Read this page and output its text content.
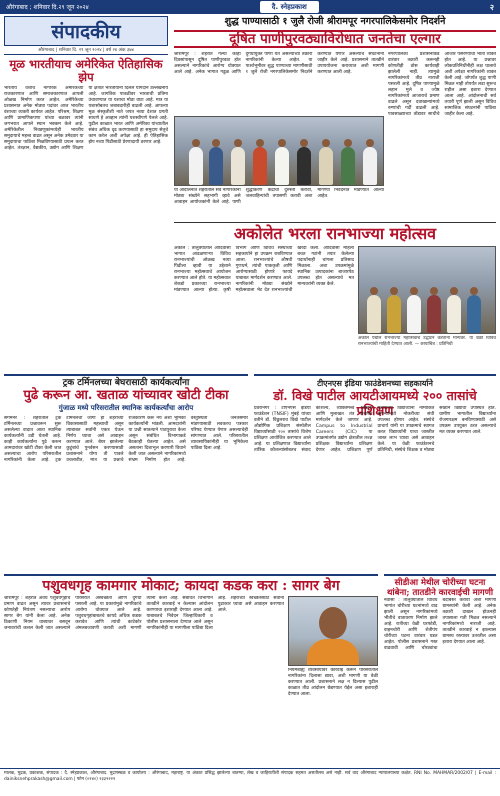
औरंगाबाद ; शनिवार दि.२९ जून २०२४	दै. स्नेहप्रकाश	२
संपादकीय
औरंगाबाद | शनिवार दि. २९ जून २०२४ | वर्ष २४ अंक ३७४
मूळ भारतीयाच अमेरिकेत ऐतिहासिक झेप
भारतीय वंशाचे नागरिक अमेरिकेच्या राजकारणात आणि समाजकारणात आपली ओळख निर्माण करत आहेत. अमेरिकेच्या प्रशासनात अनेक मोठ्या पदांवर आज भारतीय वंशाच्या व्यक्ती कार्यरत आहेत. परिश्रम, शिक्षण आणि प्रामाणिकपणा यांच्या बळावर त्यांनी जगभरात आपले स्थान भक्कम केले आहे. अमेरिकेतील निवडणुकांमध्येही भारतीय समुदायाचे महत्त्व वाढत असून अनेक उमेदवार या समुदायाचा पाठिंबा मिळविण्यासाठी प्रयत्न करत आहेत. तंत्रज्ञान, वैद्यकीय, उद्योग आणि शिक्षण या क्षेत्रांत भारतीयांनी दिलेले योगदान उल्लेखनीय आहे. जागतिक पातळीवर भारताची प्रतिमा उंचावण्यात या यशाचा मोठा वाटा आहे. मात्र या यशासोबतच जबाबदारीही वाढली आहे. आपल्या मूळ संस्कृतीशी नाते जपत नव्या देशात प्रगती साधणे हे आव्हान त्यांनी यशस्वीपणे पेलले आहे. पुढील काळात भारत आणि अमेरिका यांच्यातील संबंध अधिक दृढ करण्यासाठी हा समुदाय सेतूचे काम करेल अशी अपेक्षा आहे. ही ऐतिहासिक झेप नव्या पिढीसाठी प्रेरणादायी ठरणार आहे.
शुद्ध पाण्यासाठी १ जुलै रोजी श्रीरामपूर नगरपालिकेसमोर निदर्शने
दूषित पाणीपुरवठ्याविरोधात जनतेचा एल्गार
श्रीरामपूर : शहरात गेल्या काही दिवसांपासून दूषित पाणीपुरवठा होत असल्याने नागरिकांचे आरोग्य धोक्यात आले आहे. अनेक भागात गढूळ आणि दुर्गंधीयुक्त पाणी येत असल्याच्या तक्रारी नागरिकांनी केल्या आहेत. या पार्श्वभूमीवर शुद्ध पाण्याच्या मागणीसाठी १ जुलै रोजी नगरपालिकेसमोर निदर्शने करण्यात येणार असल्याचे संघटनांनी जाहीर केले आहे. प्रशासनाने तातडीने उपाययोजना कराव्यात अशी मागणी करण्यात आली आहे.
या आंदोलनात शहरातील सर्व नागरिकांनी मोठ्या संख्येने सहभागी व्हावे असे आवाहन आयोजकांनी केले आहे. पाणी शुद्धीकरण केंद्राची दुरुस्ती करावी, जलवाहिन्यांची तपासणी करावी अशा मागण्या निवेदनात मांडण्यात आल्या आहेत.
नगरपालिका प्रशासनाकडे वारंवार तक्रारी करूनही कोणतीही ठोस कार्यवाही झालेली नाही. त्यामुळे नागरिकांमध्ये तीव्र नाराजी पसरली आहे. दूषित पाण्यामुळे लहान मुले व ज्येष्ठ नागरिकांमध्ये आजाराचे प्रमाण वाढले असून दवाखान्यांमध्ये रुग्णांची गर्दी वाढली आहे. पावसाळ्याच्या तोंडावर साथीचे आजार पसरण्याची भीती व्यक्त होत आहे. या प्रश्नावर लोकप्रतिनिधींनीही लक्ष घालावे अशी अपेक्षा नागरिकांनी व्यक्त केली आहे. जोपर्यंत शुद्ध पाणी मिळत नाही तोपर्यंत लढा सुरूच राहील असा इशारा देण्यात आला आहे. आंदोलनाची सर्व तयारी पूर्ण झाली असून विविध सामाजिक संघटनांनी पाठिंबा जाहीर केला आहे.
अकोलेत भरला रानभाज्या महोत्सव
अकोले : तालुक्यातील आदिवासी भागात आढळणाऱ्या विविध रानभाज्यांची ओळख नव्या पिढीला व्हावी या उद्देशाने रानभाज्या महोत्सवाचे आयोजन करण्यात आले होते. या महोत्सवात शेकडो प्रकारच्या रानभाज्या मांडण्यात आल्या होत्या. कृषी विभाग आणि विविध संस्थांच्या सहकार्याने हा उपक्रम राबविण्यात आला. रानभाज्यांचे औषधी गुणधर्म, त्यांची पाककृती आणि आरोग्यासाठी होणारे फायदे याबाबत मार्गदर्शन करण्यात आले. नागरिकांनी मोठ्या संख्येने महोत्सवाला भेट देत रानभाज्यांची खरेदी केली. आदिवासी महिला बचत गटांनी तयार केलेल्या पदार्थांनाही चांगला प्रतिसाद मिळाला. अशा उपक्रमांमुळे स्थानिक उत्पादकांना बाजारपेठ उपलब्ध होत असल्याचे मत मान्यवरांनी व्यक्त केले.
अकोले येथील रानभाज्या महोत्सवाचे उद्घाटन करताना मान्यवर. या वेळी विविध रानभाज्यांची माहिती देण्यात आली. — छायाचित्र : प्रतिनिधी
ट्रक टर्मिनलच्या बेघरासाठी कार्यकर्त्यांना
पुढे करून आ. खताळ यांच्यावर खोटी टीका
गुंजाळ मध्ये परिसरातील स्थानिक कार्यकर्त्यांचा आरोप
संगमनेर : शहरातील ट्रक टर्मिनलच्या प्रश्नावरून सुरू असलेल्या वादात आता स्थानिक कार्यकर्त्यांनी उडी घेतली आहे. काही कार्यकर्त्यांना पुढे करून आमदारांवर खोटी टीका केली जात असल्याचा आरोप परिसरातील नागरिकांनी केला आहे. ट्रक टर्मिनलची जागा ही शहराच्या विकासासाठी महत्त्वाची असून त्याबाबत सर्वांनी एकत्र येऊन निर्णय घ्यावा असे आवाहन करण्यात आले. बेघर झालेल्या कुटुंबांचे पुनर्वसन करण्यासाठी प्रशासनाने योग्य ती पावले उचलावीत, मात्र या प्रश्नाचे राजकारण करू नये अशी भूमिका कार्यकर्त्यांनी मांडली. आमदारांनी या प्रश्नी सातत्याने पाठपुरावा केला असून संबंधित विभागाकडे बैठकाही घेतल्या आहेत. असे असताना दिशाभूल करणारी विधाने केली जात असल्याने नागरिकांमध्ये संभ्रम निर्माण होत आहे. वस्तुस्थिती जनतेसमोर मांडण्यासाठी लवकरच पत्रकार परिषद घेण्यात येणार असल्याचेही सांगण्यात आले. परिसरातील व्यावसायिकांनीही या भूमिकेला पाठिंबा दिला आहे.
टीएनएस इंडिया फाउंडेशनच्या सहकार्याने
डॉ. विखे पाटील आयटीआयमध्ये २०० तासांचे प्रशिक्षण
प्रवरानगर : टीएनएस इंडिया फाउंडेशन (TNSIF) मुंबई यांच्या वतीने डॉ. विठ्ठलराव विखे पाटील औद्योगिक प्रशिक्षण संस्थेतील विद्यार्थ्यांसाठी २०० तासांचे विशेष प्रशिक्षण आयोजित करण्यात आले आहे. या प्रशिक्षणात विद्यार्थ्यांना तांत्रिक कौशल्यांसोबतच संवाद कौशल्य, व्यक्तिमत्त्व विकास आणि मुलाखत तंत्र याबाबत मार्गदर्शन केले जाणार आहे. Campus to Industrial Careers (CIC) या उपक्रमांतर्गत उद्योग क्षेत्रातील तज्ज्ञ प्रशिक्षक विद्यार्थ्यांना प्रशिक्षण देणार आहेत. प्रशिक्षण पूर्ण करणाऱ्या विद्यार्थ्यांना नामांकित कंपन्यांमध्ये नोकरीच्या संधी उपलब्ध होणार आहेत. संस्थेचे प्राचार्य यांनी या उपक्रमाचे स्वागत करत विद्यार्थ्यांनी याचा जास्तीत जास्त लाभ घ्यावा असे आवाहन केले. या वेळी फाउंडेशनचे प्रतिनिधी, संस्थेचे शिक्षक व मोठ्या संख्येने विद्यार्थी उपस्थित होते. ग्रामीण भागातील विद्यार्थ्यांना रोजगारक्षम बनविण्यासाठी असे उपक्रम उपयुक्त ठरत असल्याचे मत व्यक्त करण्यात आले.
पशुवधगृह कामगार मोकाट; कायदा कडक करा : सागर बेग
श्रीरामपूर : शहरात अवैध पशुवधगृहांचे प्रमाण वाढत असून त्यावर प्रशासनाचे कोणतेही नियंत्रण नसल्याचा आरोप सागर बेग यांनी केला आहे. अनेक ठिकाणी नियम धाब्यावर बसवून जनावरांची कत्तल केली जात असल्याने परिसरात अस्वच्छता आणि दुर्गंधी पसरली आहे. या प्रकारांमुळे नागरिकांचे आरोग्य धोक्यात आले आहे. पशुवधगृहांबाबतचे कायदे अधिक कडक करावेत आणि त्यांची काटेकोर अंमलबजावणी करावी अशी मागणी त्यांनी केली आहे. संबंधित विभागाने तातडीने कारवाई न केल्यास आंदोलन करण्याचा इशाराही देण्यात आला आहे. याबाबतचे निवेदन जिल्हाधिकारी व पोलीस प्रशासनाला देण्यात आले असून नागरिकांनीही या मागणीला पाठिंबा दिला आहे. शहराच्या स्वच्छतेसाठी सर्वांनी पुढाकार घ्यावा असे आवाहन करण्यात आले.
नियमबाह्य व्यवसायांवर कारवाई करून परिसरातील नागरिकांना दिलासा द्यावा, अशी मागणी या वेळी करण्यात आली. प्रशासनाने लक्ष न दिल्यास पुढील काळात तीव्र आंदोलन छेडण्यात येईल असा इशाराही देण्यात आला.
सीडीआ मेथील चोरीच्या घटना थांबेना; तातडीने कारवाईची मागणी
नेवासा : तालुक्यातील विविध भागांत चोरीच्या घटनांमध्ये वाढ झाली असून नागरिकांमध्ये भीतीचे वातावरण निर्माण झाले आहे. रात्रीच्या वेळी घरफोडी, वाहनचोरी आणि शेतीपंप चोरीच्या घटना वारंवार घडत आहेत. पोलीस प्रशासनाने गस्त वाढवावी आणि चोरट्यांचा बंदोबस्त करावा अशी मागणी ग्रामस्थांनी केली आहे. अनेक तक्रारी दाखल होऊनही तपासाला गती मिळत नसल्याने नागरिकांमध्ये नाराजी आहे. तातडीने कारवाई न झाल्यास ग्रामस्थ रस्त्यावर उतरतील असा इशारा देण्यात आला आहे.
मालक, मुद्रक, प्रकाशक, संपादक : दै. स्नेहप्रकाश, औरंगाबाद. मुद्रणस्थळ व कार्यालय : औरंगाबाद, महाराष्ट्र. या अंकात प्रसिद्ध झालेल्या बातम्या, लेख व जाहिरातींशी संपादक सहमत असतीलच असे नाही. सर्व वाद औरंगाबाद न्यायालयाच्या कक्षेत. RNI No. MAHMAR/2002/07 | E-mail : dainiksnehprakash@gmail.com | फोन (०२४०) २३३२२२२
